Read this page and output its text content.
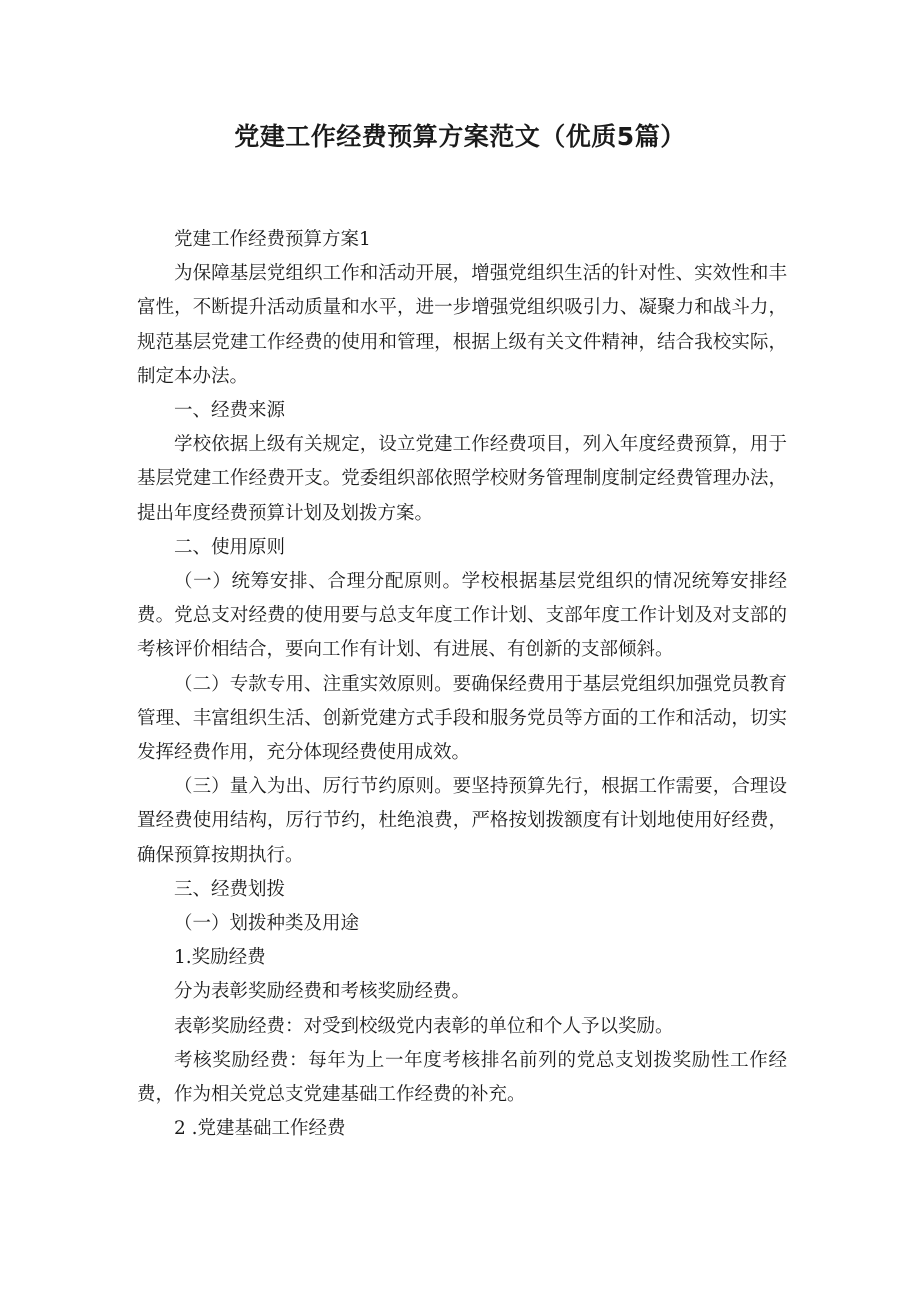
党建工作经费预算方案范文（优质5篇）

党建工作经费预算方案1

为保障基层党组织工作和活动开展，增强党组织生活的针对性、实效性和丰富性，不断提升活动质量和水平，进一步增强党组织吸引力、凝聚力和战斗力，规范基层党建工作经费的使用和管理，根据上级有关文件精神，结合我校实际，制定本办法。

一、经费来源

学校依据上级有关规定，设立党建工作经费项目，列入年度经费预算，用于基层党建工作经费开支。党委组织部依照学校财务管理制度制定经费管理办法，提出年度经费预算计划及划拨方案。

二、使用原则

（一）统筹安排、合理分配原则。学校根据基层党组织的情况统筹安排经费。党总支对经费的使用要与总支年度工作计划、支部年度工作计划及对支部的考核评价相结合，要向工作有计划、有进展、有创新的支部倾斜。

（二）专款专用、注重实效原则。要确保经费用于基层党组织加强党员教育管理、丰富组织生活、创新党建方式手段和服务党员等方面的工作和活动，切实发挥经费作用，充分体现经费使用成效。

（三）量入为出、厉行节约原则。要坚持预算先行，根据工作需要，合理设置经费使用结构，厉行节约，杜绝浪费，严格按划拨额度有计划地使用好经费，确保预算按期执行。

三、经费划拨

（一）划拨种类及用途

1.奖励经费

分为表彰奖励经费和考核奖励经费。

表彰奖励经费：对受到校级党内表彰的单位和个人予以奖励。

考核奖励经费：每年为上一年度考核排名前列的党总支划拨奖励性工作经费，作为相关党总支党建基础工作经费的补充。

2 .党建基础工作经费
